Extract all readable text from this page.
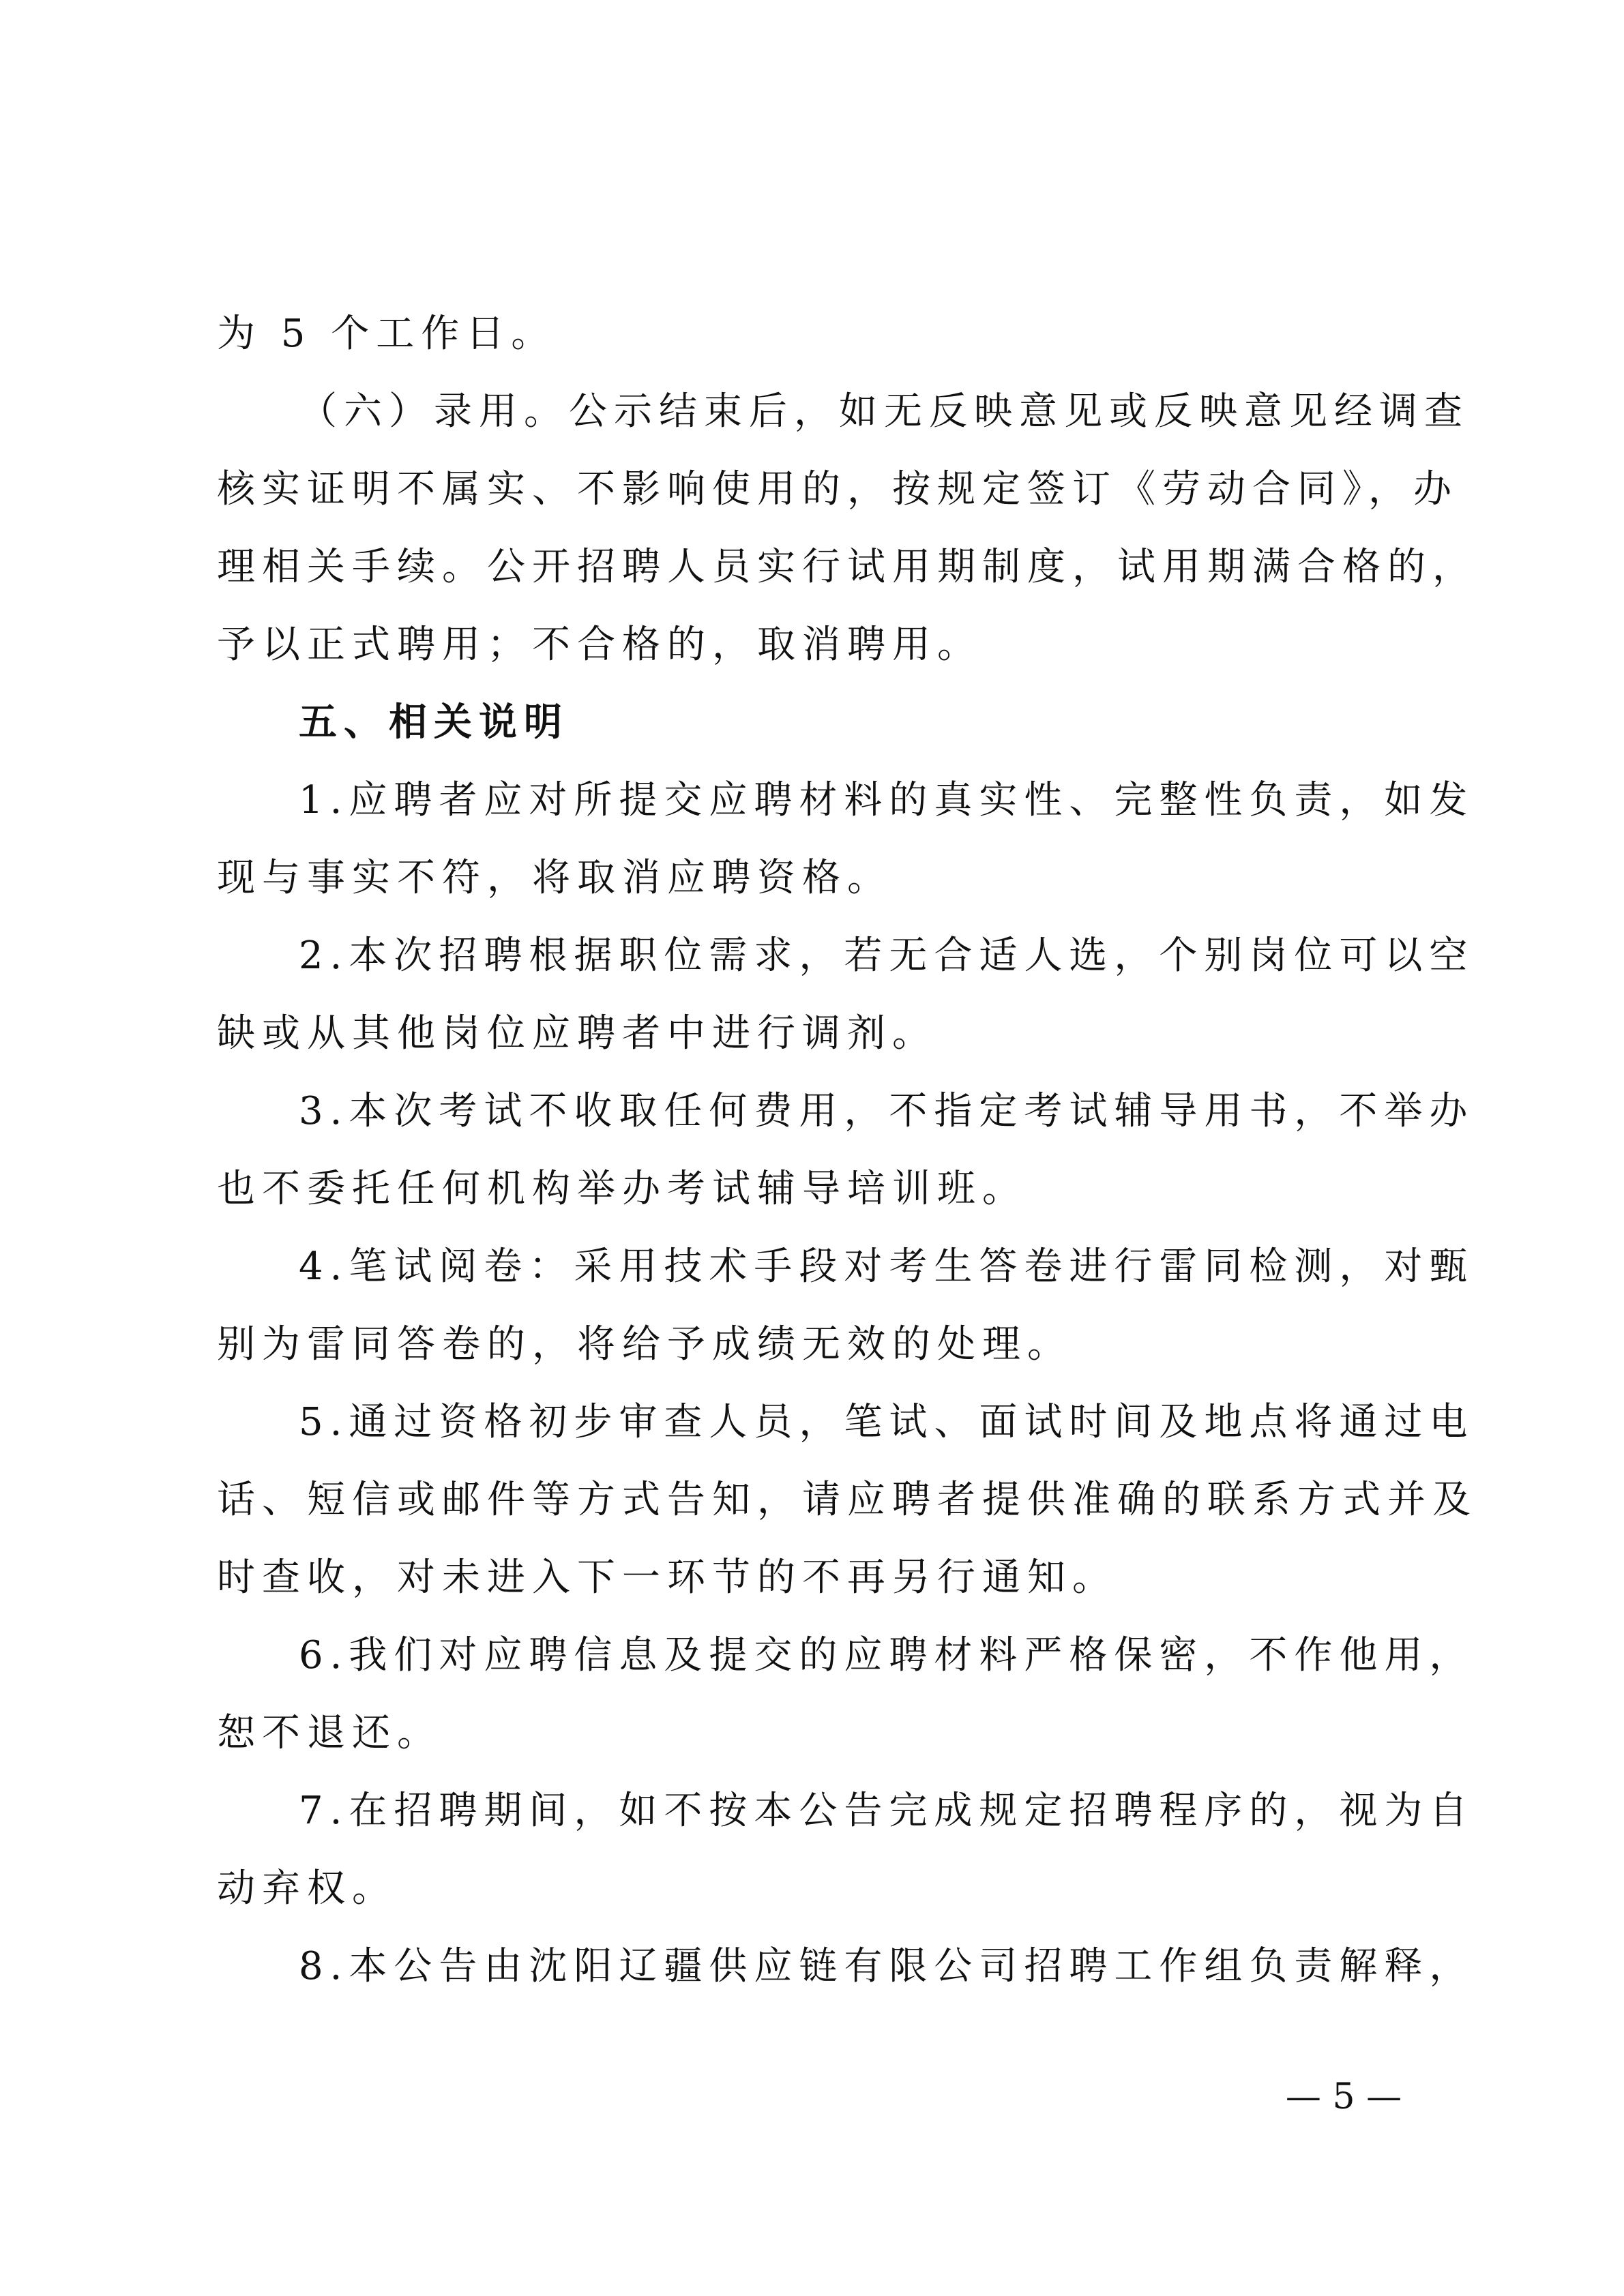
为 5 个工作日。
（六）录用。公示结束后，如无反映意见或反映意见经调查
核实证明不属实、不影响使用的，按规定签订《劳动合同》，办
理相关手续。公开招聘人员实行试用期制度，试用期满合格的，
予以正式聘用；不合格的，取消聘用。
五、相关说明
1.应聘者应对所提交应聘材料的真实性、完整性负责，如发
现与事实不符，将取消应聘资格。
2.本次招聘根据职位需求，若无合适人选，个别岗位可以空
缺或从其他岗位应聘者中进行调剂。
3.本次考试不收取任何费用，不指定考试辅导用书，不举办
也不委托任何机构举办考试辅导培训班。
4.笔试阅卷：采用技术手段对考生答卷进行雷同检测，对甄
别为雷同答卷的，将给予成绩无效的处理。
5.通过资格初步审查人员，笔试、面试时间及地点将通过电
话、短信或邮件等方式告知，请应聘者提供准确的联系方式并及
时查收，对未进入下一环节的不再另行通知。
6.我们对应聘信息及提交的应聘材料严格保密，不作他用，
恕不退还。
7.在招聘期间，如不按本公告完成规定招聘程序的，视为自
动弃权。
8.本公告由沈阳辽疆供应链有限公司招聘工作组负责解释，
— 5 —
